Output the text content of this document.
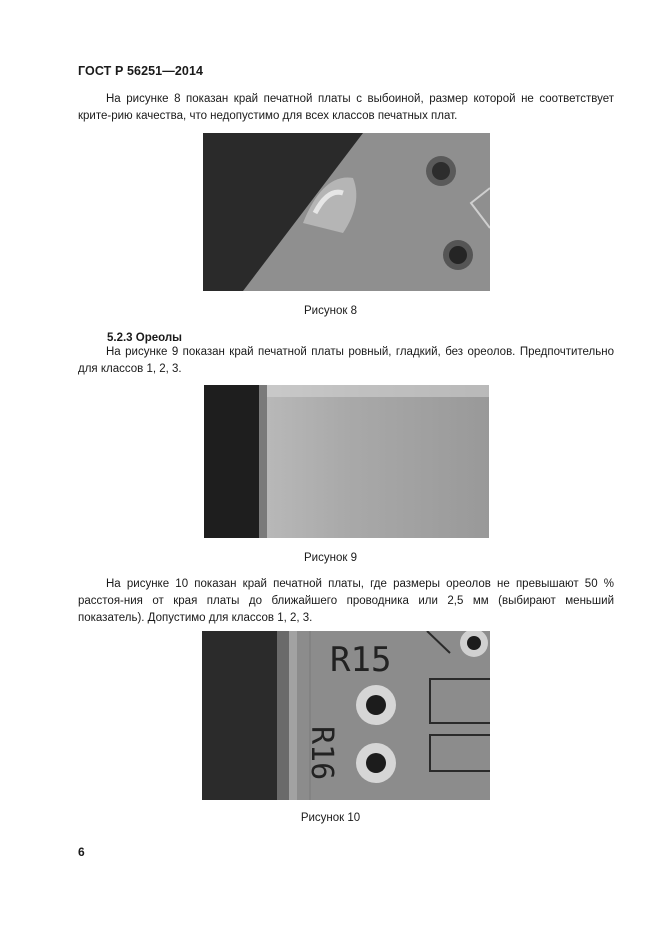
ГОСТ Р 56251—2014
На рисунке 8 показан край печатной платы с выбоиной, размер которой не соответствует крите-рию качества, что недопустимо для всех классов печатных плат.
Рисунок 8
5.2.3 Ореолы
На рисунке 9 показан край печатной платы ровный, гладкий, без ореолов. Предпочтительно для классов 1, 2, 3.
Рисунок 9
На рисунке 10 показан край печатной платы, где размеры ореолов не превышают 50 % расстоя-ния от края платы до ближайшего проводника или 2,5 мм (выбирают меньший показатель). Допустимо для классов 1, 2, 3.
R15
R16
Рисунок 10
6
